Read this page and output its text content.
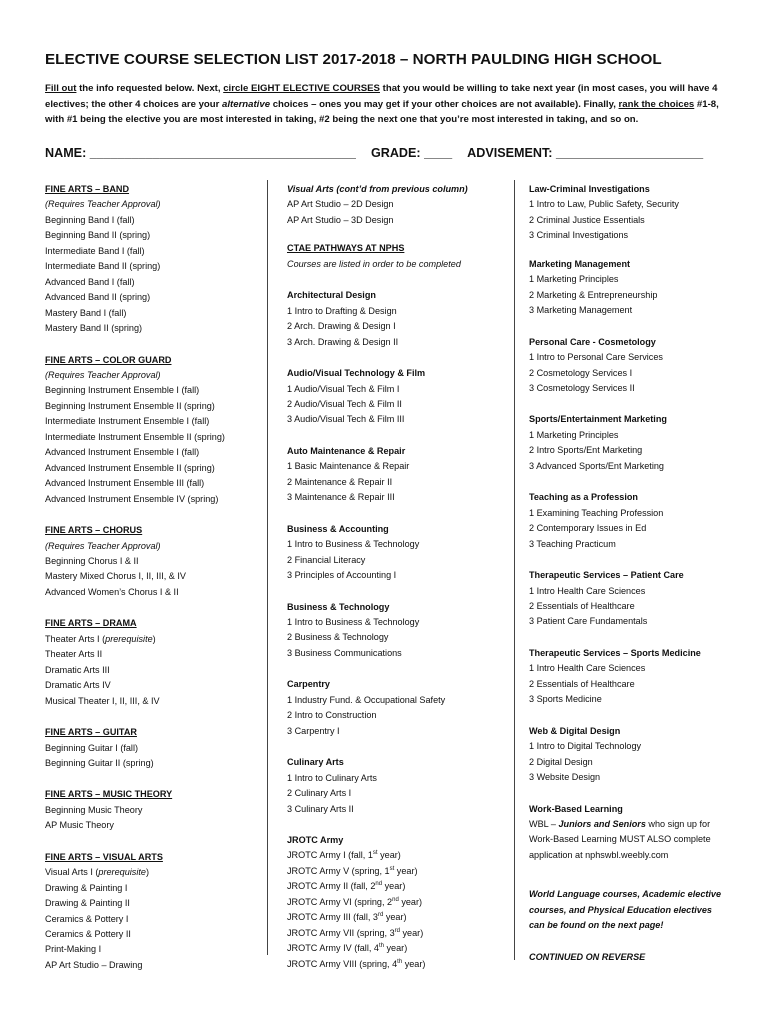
ELECTIVE COURSE SELECTION LIST 2017-2018 – NORTH PAULDING HIGH SCHOOL
Fill out the info requested below. Next, circle EIGHT ELECTIVE COURSES that you would be willing to take next year (in most cases, you will have 4 electives; the other 4 choices are your alternative choices – ones you may get if your other choices are not available). Finally, rank the choices #1-8, with #1 being the elective you are most interested in taking, #2 being the next one that you’re most interested in taking, and so on.
NAME: ______________________________________ GRADE: ____ ADVISEMENT: _____________________
FINE ARTS – BAND
(Requires Teacher Approval)
Beginning Band I (fall)
Beginning Band II (spring)
Intermediate Band I (fall)
Intermediate Band II (spring)
Advanced Band I (fall)
Advanced Band II (spring)
Mastery Band I (fall)
Mastery Band II (spring)
FINE ARTS – COLOR GUARD
(Requires Teacher Approval)
Beginning Instrument Ensemble I (fall)
Beginning Instrument Ensemble II (spring)
Intermediate Instrument Ensemble I (fall)
Intermediate Instrument Ensemble II (spring)
Advanced Instrument Ensemble I (fall)
Advanced Instrument Ensemble II (spring)
Advanced Instrument Ensemble III (fall)
Advanced Instrument Ensemble IV (spring)
FINE ARTS – CHORUS
(Requires Teacher Approval)
Beginning Chorus I & II
Mastery Mixed Chorus I, II, III, & IV
Advanced Women’s Chorus I & II
FINE ARTS – DRAMA
Theater Arts I (prerequisite)
Theater Arts II
Dramatic Arts III
Dramatic Arts IV
Musical Theater I, II, III, & IV
FINE ARTS – GUITAR
Beginning Guitar I (fall)
Beginning Guitar II (spring)
FINE ARTS – MUSIC THEORY
Beginning Music Theory
AP Music Theory
FINE ARTS – VISUAL ARTS
Visual Arts I (prerequisite)
Drawing & Painting I
Drawing & Painting II
Ceramics & Pottery I
Ceramics & Pottery II
Print-Making I
AP Art Studio – Drawing
Visual Arts (cont’d from previous column)
AP Art Studio – 2D Design
AP Art Studio – 3D Design
CTAE PATHWAYS AT NPHS
Courses are listed in order to be completed
Architectural Design
1 Intro to Drafting & Design
2 Arch. Drawing & Design I
3 Arch. Drawing & Design II
Audio/Visual Technology & Film
1 Audio/Visual Tech & Film I
2 Audio/Visual Tech & Film II
3 Audio/Visual Tech & Film III
Auto Maintenance & Repair
1 Basic Maintenance & Repair
2 Maintenance & Repair II
3 Maintenance & Repair III
Business & Accounting
1 Intro to Business & Technology
2 Financial Literacy
3 Principles of Accounting I
Business & Technology
1 Intro to Business & Technology
2 Business & Technology
3 Business Communications
Carpentry
1 Industry Fund. & Occupational Safety
2 Intro to Construction
3 Carpentry I
Culinary Arts
1 Intro to Culinary Arts
2 Culinary Arts I
3 Culinary Arts II
JROTC Army
JROTC Army I (fall, 1st year)
JROTC Army V (spring, 1st year)
JROTC Army II (fall, 2nd year)
JROTC Army VI (spring, 2nd year)
JROTC Army III (fall, 3rd year)
JROTC Army VII (spring, 3rd year)
JROTC Army IV (fall, 4th year)
JROTC Army VIII (spring, 4th year)
Law-Criminal Investigations
1 Intro to Law, Public Safety, Security
2 Criminal Justice Essentials
3 Criminal Investigations
Marketing Management
1 Marketing Principles
2 Marketing & Entrepreneurship
3 Marketing Management
Personal Care - Cosmetology
1 Intro to Personal Care Services
2 Cosmetology Services I
3 Cosmetology Services II
Sports/Entertainment Marketing
1 Marketing Principles
2 Intro Sports/Ent Marketing
3 Advanced Sports/Ent Marketing
Teaching as a Profession
1 Examining Teaching Profession
2 Contemporary Issues in Ed
3 Teaching Practicum
Therapeutic Services – Patient Care
1 Intro Health Care Sciences
2 Essentials of Healthcare
3 Patient Care Fundamentals
Therapeutic Services – Sports Medicine
1 Intro Health Care Sciences
2 Essentials of Healthcare
3 Sports Medicine
Web & Digital Design
1 Intro to Digital Technology
2 Digital Design
3 Website Design
Work-Based Learning
WBL – Juniors and Seniors who sign up for
Work-Based Learning MUST ALSO complete
application at nphswbl.weebly.com
World Language courses, Academic elective
courses, and Physical Education electives
can be found on the next page!
CONTINUED ON REVERSE
